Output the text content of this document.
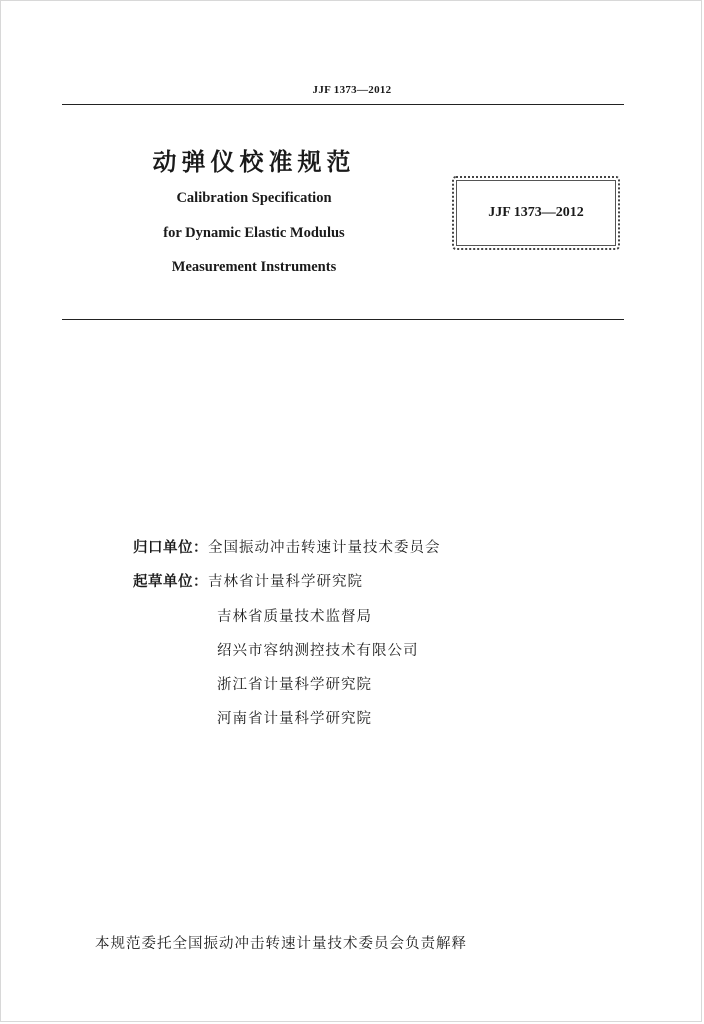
JJF 1373—2012
动弹仪校准规范
Calibration Specification
for Dynamic Elastic Modulus
Measurement Instruments
JJF 1373—2012
归口单位：全国振动冲击转速计量技术委员会
起草单位：吉林省计量科学研究院
吉林省质量技术监督局
绍兴市容纳测控技术有限公司
浙江省计量科学研究院
河南省计量科学研究院
本规范委托全国振动冲击转速计量技术委员会负责解释
